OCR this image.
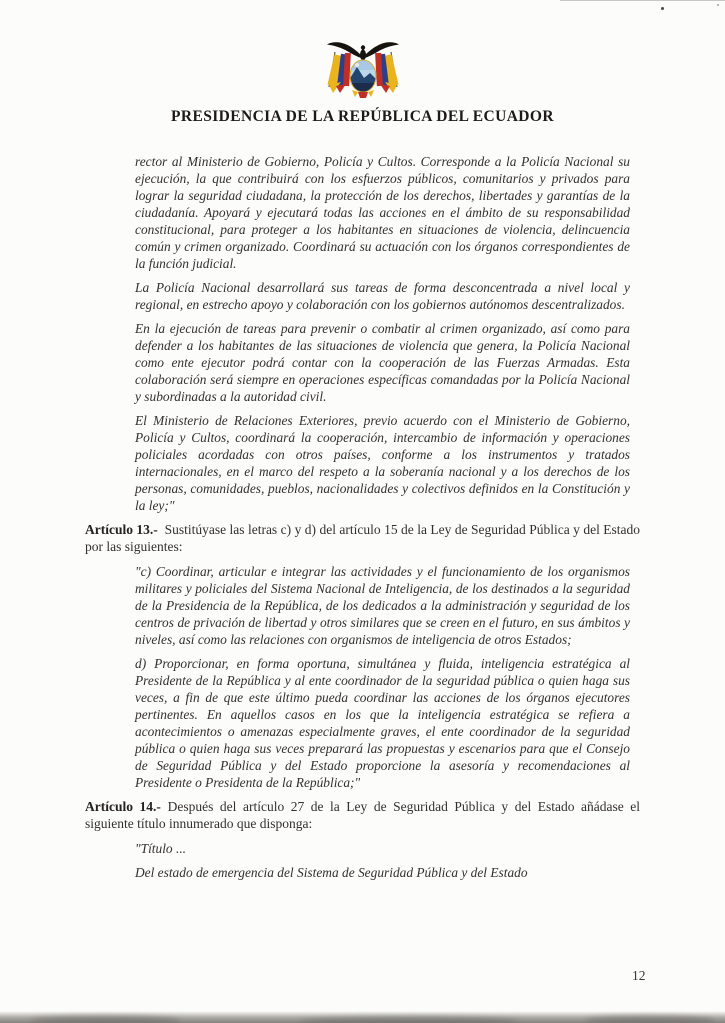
PRESIDENCIA DE LA REPÚBLICA DEL ECUADOR

rector al Ministerio de Gobierno, Policía y Cultos. Corresponde a la Policía Nacional su ejecución, la que contribuirá con los esfuerzos públicos, comunitarios y privados para lograr la seguridad ciudadana, la protección de los derechos, libertades y garantías de la ciudadanía. Apoyará y ejecutará todas las acciones en el ámbito de su responsabilidad constitucional, para proteger a los habitantes en situaciones de violencia, delincuencia común y crimen organizado. Coordinará su actuación con los órganos correspondientes de la función judicial.

La Policía Nacional desarrollará sus tareas de forma desconcentrada a nivel local y regional, en estrecho apoyo y colaboración con los gobiernos autónomos descentralizados.

En la ejecución de tareas para prevenir o combatir al crimen organizado, así como para defender a los habitantes de las situaciones de violencia que genera, la Policía Nacional como ente ejecutor podrá contar con la cooperación de las Fuerzas Armadas. Esta colaboración será siempre en operaciones específicas comandadas por la Policía Nacional y subordinadas a la autoridad civil.

El Ministerio de Relaciones Exteriores, previo acuerdo con el Ministerio de Gobierno, Policía y Cultos, coordinará la cooperación, intercambio de información y operaciones policiales acordadas con otros países, conforme a los instrumentos y tratados internacionales, en el marco del respeto a la soberanía nacional y a los derechos de los personas, comunidades, pueblos, nacionalidades y colectivos definidos en la Constitución y la ley;"

Artículo 13.- Sustitúyase las letras c) y d) del artículo 15 de la Ley de Seguridad Pública y del Estado por las siguientes:

"c) Coordinar, articular e integrar las actividades y el funcionamiento de los organismos militares y policiales del Sistema Nacional de Inteligencia, de los destinados a la seguridad de la Presidencia de la República, de los dedicados a la administración y seguridad de los centros de privación de libertad y otros similares que se creen en el futuro, en sus ámbitos y niveles, así como las relaciones con organismos de inteligencia de otros Estados;

d) Proporcionar, en forma oportuna, simultánea y fluida, inteligencia estratégica al Presidente de la República y al ente coordinador de la seguridad pública o quien haga sus veces, a fin de que este último pueda coordinar las acciones de los órganos ejecutores pertinentes. En aquellos casos en los que la inteligencia estratégica se refiera a acontecimientos o amenazas especialmente graves, el ente coordinador de la seguridad pública o quien haga sus veces preparará las propuestas y escenarios para que el Consejo de Seguridad Pública y del Estado proporcione la asesoría y recomendaciones al Presidente o Presidenta de la República;"

Artículo 14.- Después del artículo 27 de la Ley de Seguridad Pública y del Estado añádase el siguiente título innumerado que disponga:

"Título ...

Del estado de emergencia del Sistema de Seguridad Pública y del Estado

12
